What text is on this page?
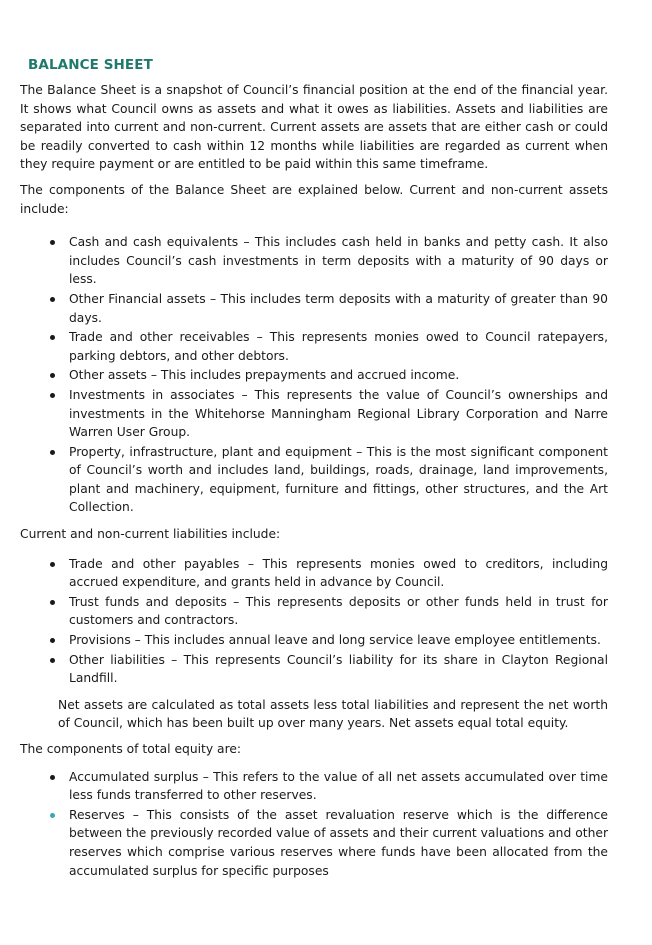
BALANCE SHEET

The Balance Sheet is a snapshot of Council’s financial position at the end of the financial year. It shows what Council owns as assets and what it owes as liabilities. Assets and liabilities are separated into current and non-current. Current assets are assets that are either cash or could be readily converted to cash within 12 months while liabilities are regarded as current when they require payment or are entitled to be paid within this same timeframe.

The components of the Balance Sheet are explained below. Current and non-current assets include:

Cash and cash equivalents – This includes cash held in banks and petty cash. It also includes Council’s cash investments in term deposits with a maturity of 90 days or less.
Other Financial assets – This includes term deposits with a maturity of greater than 90 days.
Trade and other receivables – This represents monies owed to Council ratepayers, parking debtors, and other debtors.
Other assets – This includes prepayments and accrued income.
Investments in associates – This represents the value of Council’s ownerships and investments in the Whitehorse Manningham Regional Library Corporation and Narre Warren User Group.
Property, infrastructure, plant and equipment – This is the most significant component of Council’s worth and includes land, buildings, roads, drainage, land improvements, plant and machinery, equipment, furniture and fittings, other structures, and the Art Collection.

Current and non-current liabilities include:

Trade and other payables – This represents monies owed to creditors, including accrued expenditure, and grants held in advance by Council.
Trust funds and deposits – This represents deposits or other funds held in trust for customers and contractors.
Provisions – This includes annual leave and long service leave employee entitlements.
Other liabilities – This represents Council’s liability for its share in Clayton Regional Landfill.

Net assets are calculated as total assets less total liabilities and represent the net worth of Council, which has been built up over many years. Net assets equal total equity.

The components of total equity are:

Accumulated surplus – This refers to the value of all net assets accumulated over time less funds transferred to other reserves.
Reserves – This consists of the asset revaluation reserve which is the difference between the previously recorded value of assets and their current valuations and other reserves which comprise various reserves where funds have been allocated from the accumulated surplus for specific purposes
